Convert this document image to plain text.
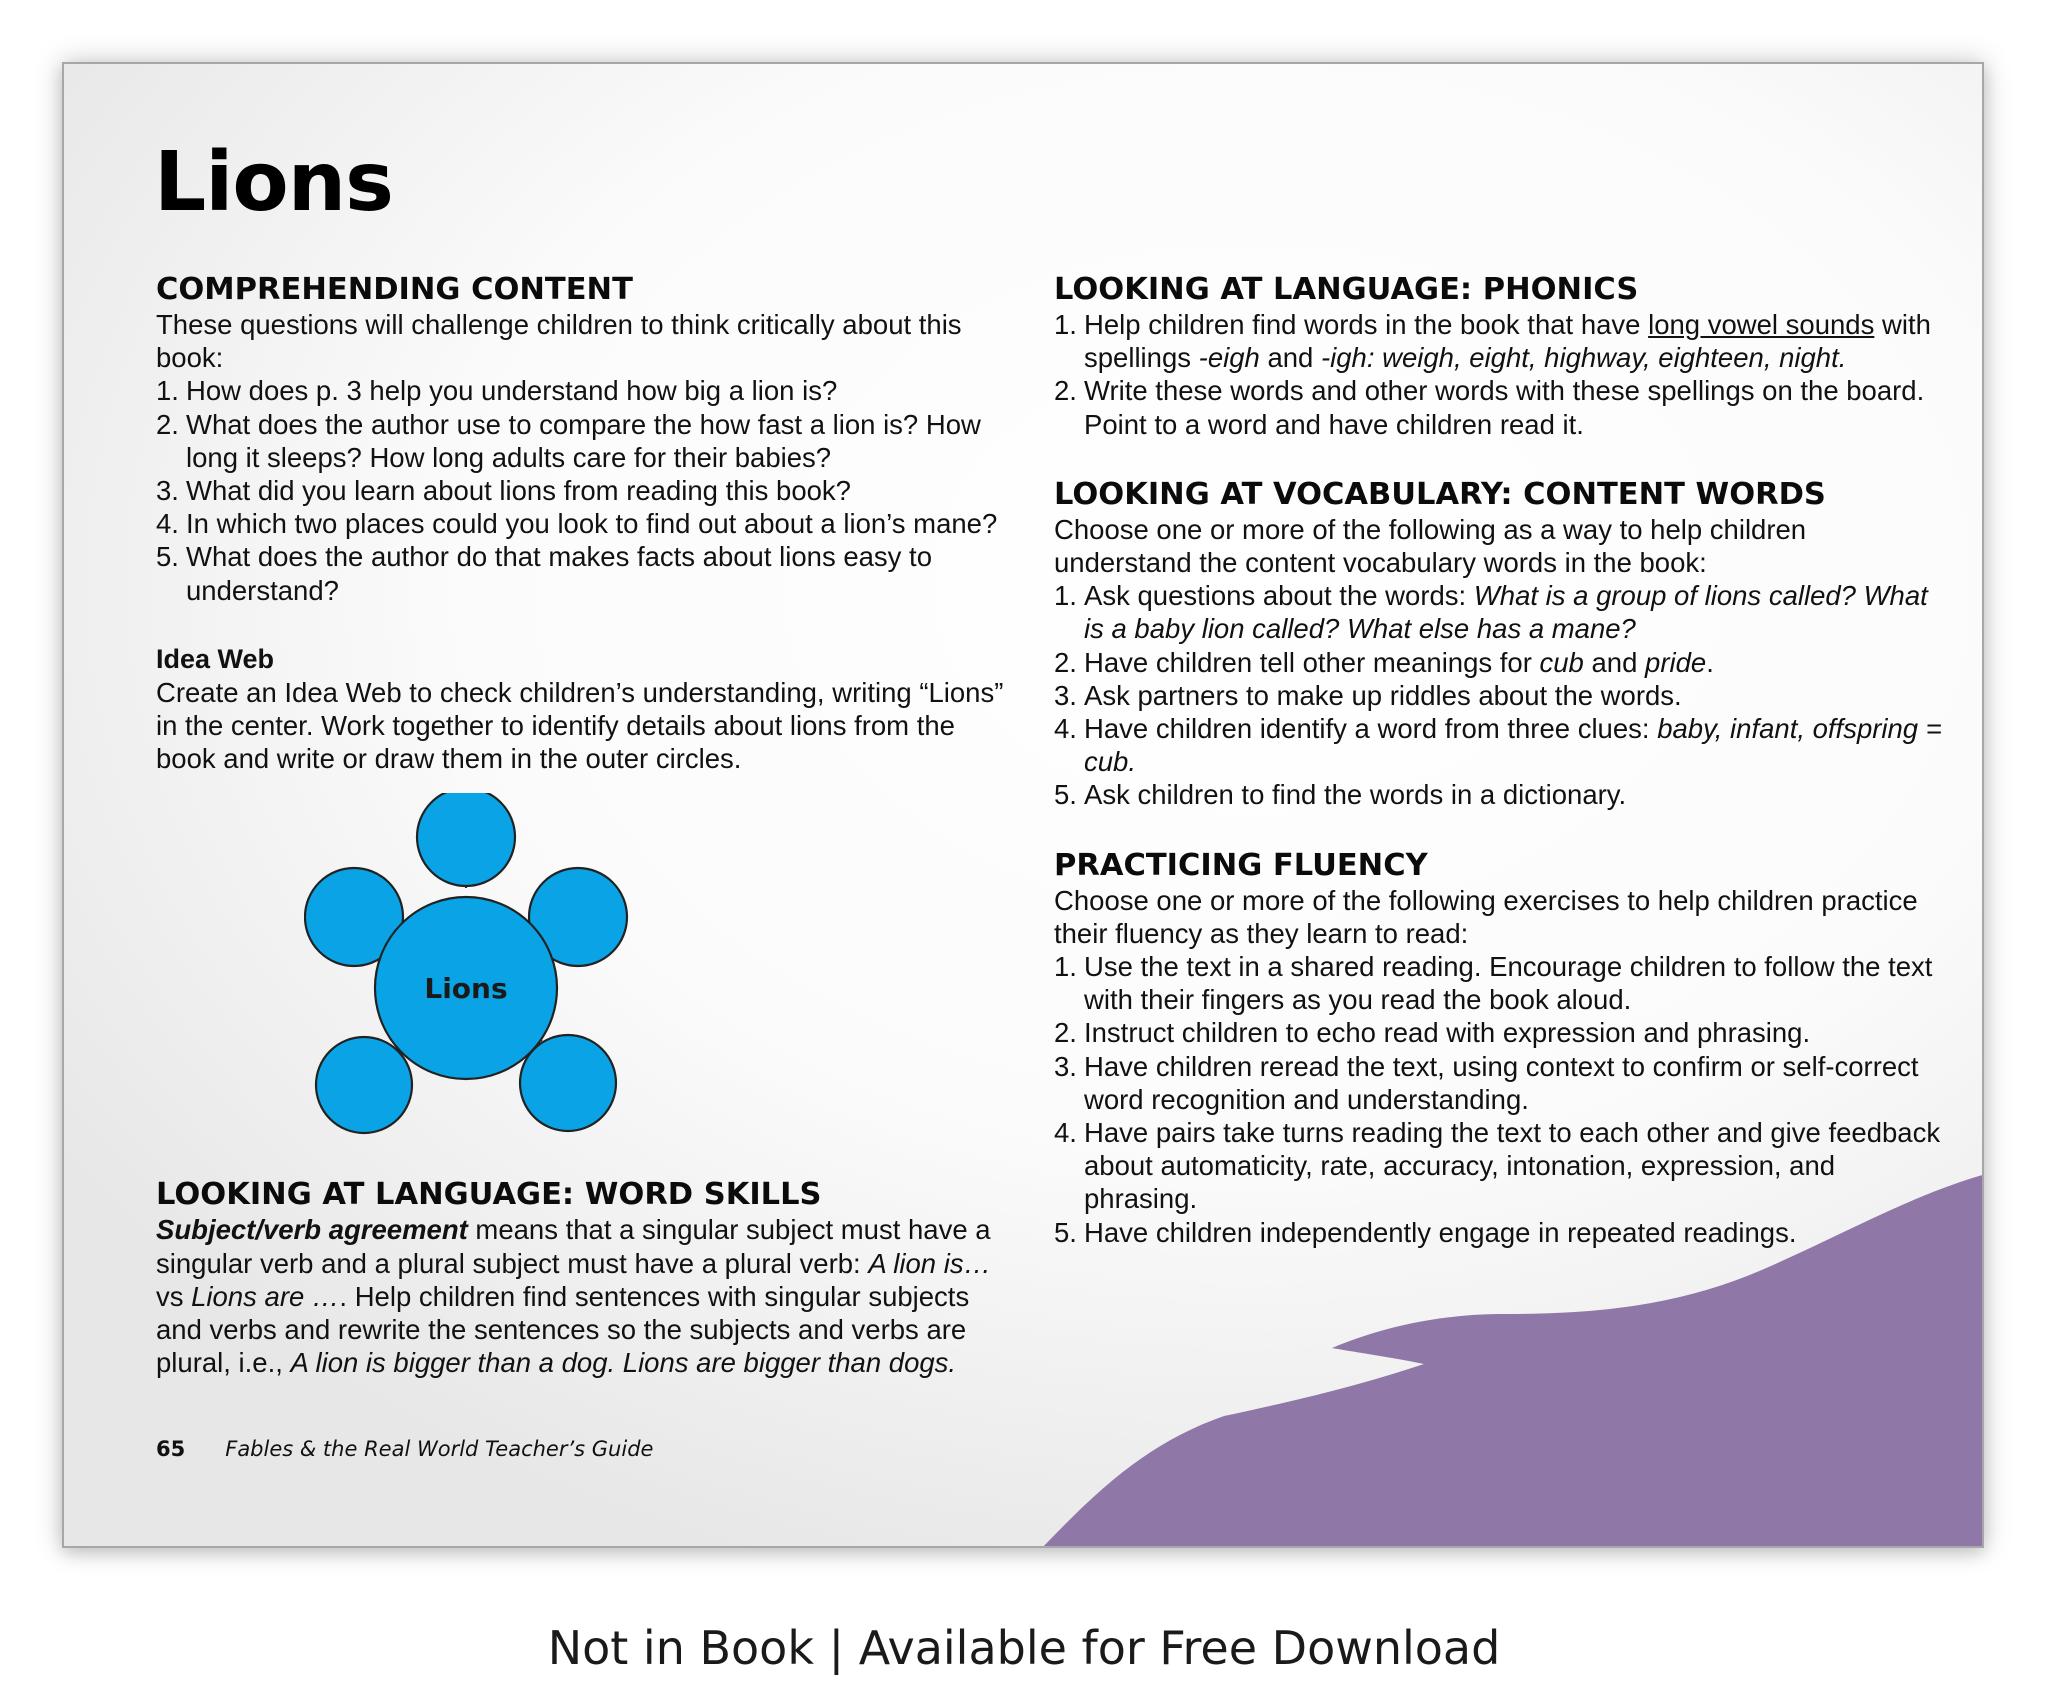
Lions
COMPREHENDING CONTENT

These questions will challenge children to think critically about this book:

1. How does p. 3 help you understand how big a lion is?
2. What does the author use to compare the how fast a lion is? How long it sleeps? How long adults care for their babies?
3. What did you learn about lions from reading this book?
4. In which two places could you look to find out about a lion’s mane?
5. What does the author do that makes facts about lions easy to understand?
Idea Web

Create an Idea Web to check children’s understanding, writing “Lions” in the center. Work together to identify details about lions from the book and write or draw them in the outer circles.

Lions
LOOKING AT LANGUAGE: WORD SKILLS

Subject/verb agreement means that a singular subject must have a singular verb and a plural subject must have a plural verb: A lion is… vs Lions are …. Help children find sentences with singular subjects and verbs and rewrite the sentences so the subjects and verbs are plural, i.e., A lion is bigger than a dog. Lions are bigger than dogs.

LOOKING AT LANGUAGE: PHONICS
1. Help children find words in the book that have long vowel sounds with spellings -eigh and -igh: weigh, eight, highway, eighteen, night.
2. Write these words and other words with these spellings on the board. Point to a word and have children read it.
LOOKING AT VOCABULARY: CONTENT WORDS

Choose one or more of the following as a way to help children understand the content vocabulary words in the book:

1. Ask questions about the words: What is a group of lions called? What is a baby lion called? What else has a mane?
2. Have children tell other meanings for cub and pride.
3. Ask partners to make up riddles about the words.
4. Have children identify a word from three clues: baby, infant, offspring = cub.
5. Ask children to find the words in a dictionary.
PRACTICING FLUENCY

Choose one or more of the following exercises to help children practice their fluency as they learn to read:

1. Use the text in a shared reading. Encourage children to follow the text with their fingers as you read the book aloud.
2. Instruct children to echo read with expression and phrasing.
3. Have children reread the text, using context to confirm or self-correct word recognition and understanding.
4. Have pairs take turns reading the text to each other and give feedback about automaticity, rate, accuracy, intonation, expression, and phrasing.
5. Have children independently engage in repeated readings.
65 Fables & the Real World Teacher’s Guide
Not in Book | Available for Free Download
